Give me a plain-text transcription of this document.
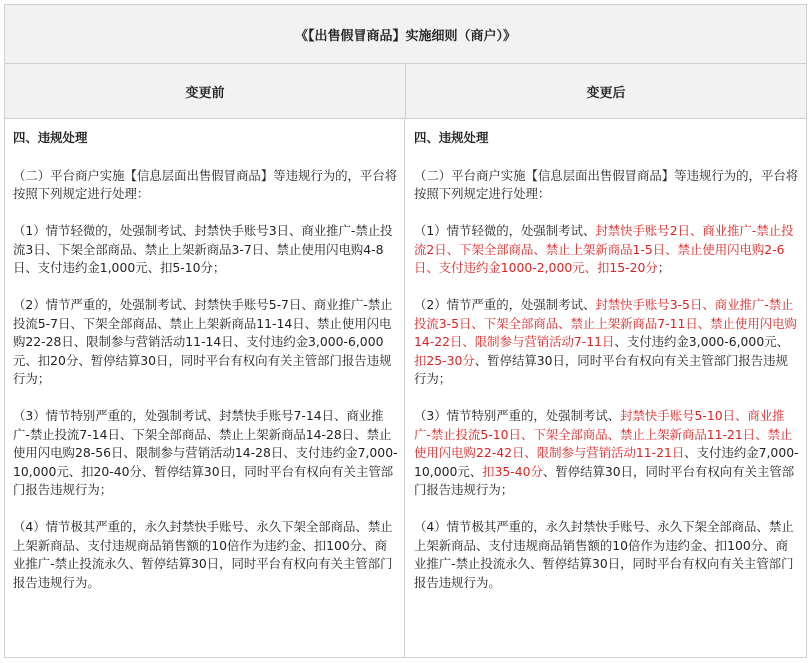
《【出售假冒商品】实施细则（商户）》
变更前	变更后
四、违规处理

（二）平台商户实施【信息层面出售假冒商品】等违规行为的，平台将按照下列规定进行处理：

（1）情节轻微的，处强制考试、封禁快手账号3日、商业推广-禁止投流3日、下架全部商品、禁止上架新商品3-7日、禁止使用闪电购4-8日、支付违约金1,000元、扣5-10分；

（2）情节严重的，处强制考试、封禁快手账号5-7日、商业推广-禁止投流5-7日、下架全部商品、禁止上架新商品11-14日、禁止使用闪电购22-28日、限制参与营销活动11-14日、支付违约金3,000-6,000元、扣20分、暂停结算30日，同时平台有权向有关主管部门报告违规行为；

（3）情节特别严重的，处强制考试、封禁快手账号7-14日、商业推广-禁止投流7-14日、下架全部商品、禁止上架新商品14-28日、禁止使用闪电购28-56日、限制参与营销活动14-28日、支付违约金7,000-10,000元、扣20-40分、暂停结算30日，同时平台有权向有关主管部门报告违规行为；

（4）情节极其严重的，永久封禁快手账号、永久下架全部商品、禁止上架新商品、支付违规商品销售额的10倍作为违约金、扣100分、商业推广-禁止投流永久、暂停结算30日，同时平台有权向有关主管部门报告违规行为。

四、违规处理

（二）平台商户实施【信息层面出售假冒商品】等违规行为的，平台将按照下列规定进行处理：

（1）情节轻微的，处强制考试、封禁快手账号2日、商业推广-禁止投流2日、下架全部商品、禁止上架新商品1-5日、禁止使用闪电购2-6日、支付违约金1000-2,000元、扣15-20分；

（2）情节严重的，处强制考试、封禁快手账号3-5日、商业推广-禁止投流3-5日、下架全部商品、禁止上架新商品7-11日、禁止使用闪电购14-22日、限制参与营销活动7-11日、支付违约金3,000-6,000元、扣25-30分、暂停结算30日，同时平台有权向有关主管部门报告违规行为；

（3）情节特别严重的，处强制考试、封禁快手账号5-10日、商业推广-禁止投流5-10日、下架全部商品、禁止上架新商品11-21日、禁止使用闪电购22-42日、限制参与营销活动11-21日、支付违约金7,000-10,000元、扣35-40分、暂停结算30日，同时平台有权向有关主管部门报告违规行为；

（4）情节极其严重的，永久封禁快手账号、永久下架全部商品、禁止上架新商品、支付违规商品销售额的10倍作为违约金、扣100分、商业推广-禁止投流永久、暂停结算30日，同时平台有权向有关主管部门报告违规行为。
